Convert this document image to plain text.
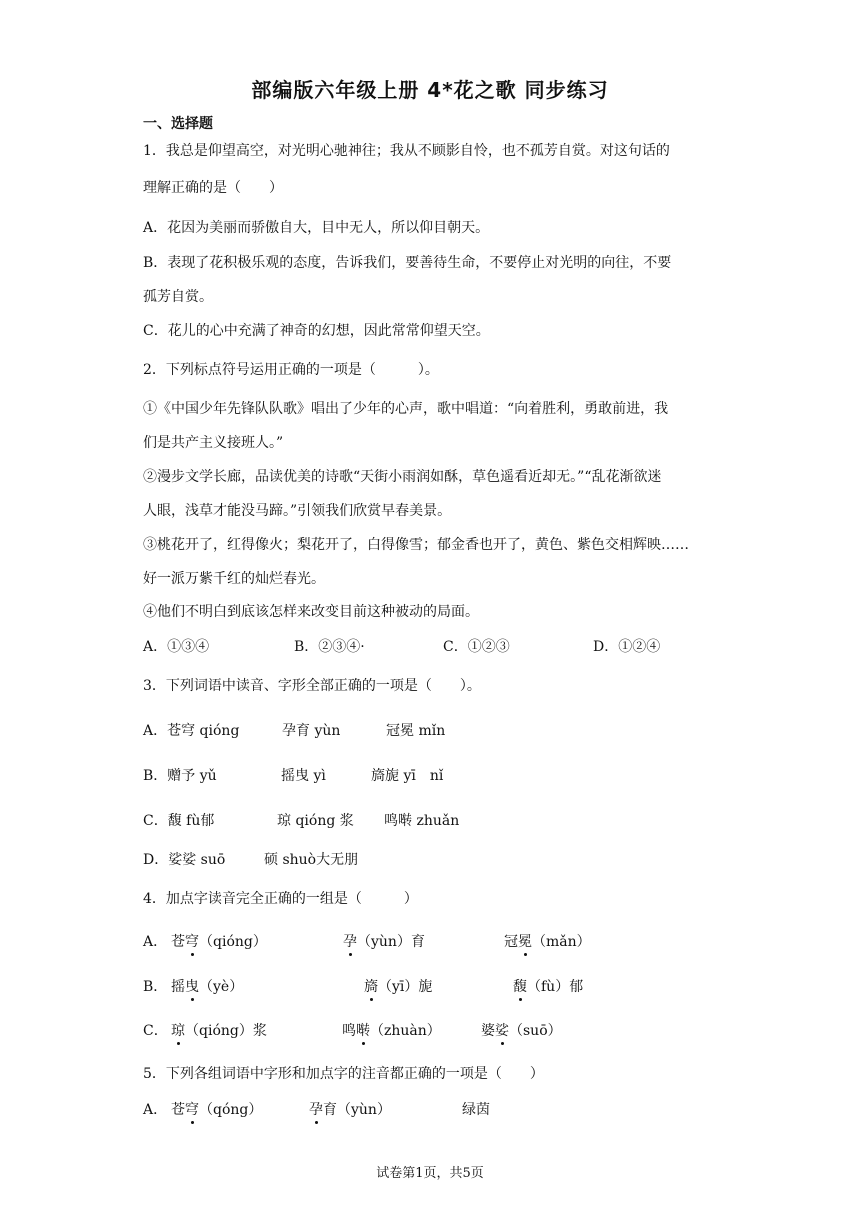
部编版六年级上册 4*花之歌 同步练习
一、选择题
1．我总是仰望高空，对光明心驰神往；我从不顾影自怜，也不孤芳自赏。对这句话的
理解正确的是（　　）
A．花因为美丽而骄傲自大，目中无人，所以仰目朝天。
B．表现了花积极乐观的态度，告诉我们，要善待生命，不要停止对光明的向往，不要
孤芳自赏。
C．花儿的心中充满了神奇的幻想，因此常常仰望天空。
2．下列标点符号运用正确的一项是（　　　）。
①《中国少年先锋队队歌》唱出了少年的心声，歌中唱道：“向着胜利，勇敢前进，我
们是共产主义接班人。”
②漫步文学长廊，品读优美的诗歌“天街小雨润如酥，草色遥看近却无。”“乱花渐欲迷
人眼，浅草才能没马蹄。”引领我们欣赏早春美景。
③桃花开了，红得像火；梨花开了，白得像雪；郁金香也开了，黄色、紫色交相辉映……
好一派万紫千红的灿烂春光。
④他们不明白到底该怎样来改变目前这种被动的局面。
A．①③④	B．②③④·	C．①②③	D．①②④
3．下列词语中读音、字形全部正确的一项是（　　）。
A．苍穹 qióng	孕育 yùn	冠冕 mǐn
B．赠予 yǔ	摇曳 yì	旖旎 yī　nǐ
C．馥 fù郁	琼 qióng 浆 鸣啭 zhuǎn
D．娑娑 suō	硕 shuò大无朋
4．加点字读音完全正确的一组是（　　　）
A． 苍穹（qióng）	孕（yùn）育	冠冕（mǎn）
B． 摇曳（yè）	旖（yī）旎	馥（fù）郁
C． 琼（qióng）浆	鸣啭（zhuàn）	婆娑（suō）
5．下列各组词语中字形和加点字的注音都正确的一项是（　　）
A． 苍穹（qóng）	孕育（yùn）	绿茵
试卷第1页，共5页
